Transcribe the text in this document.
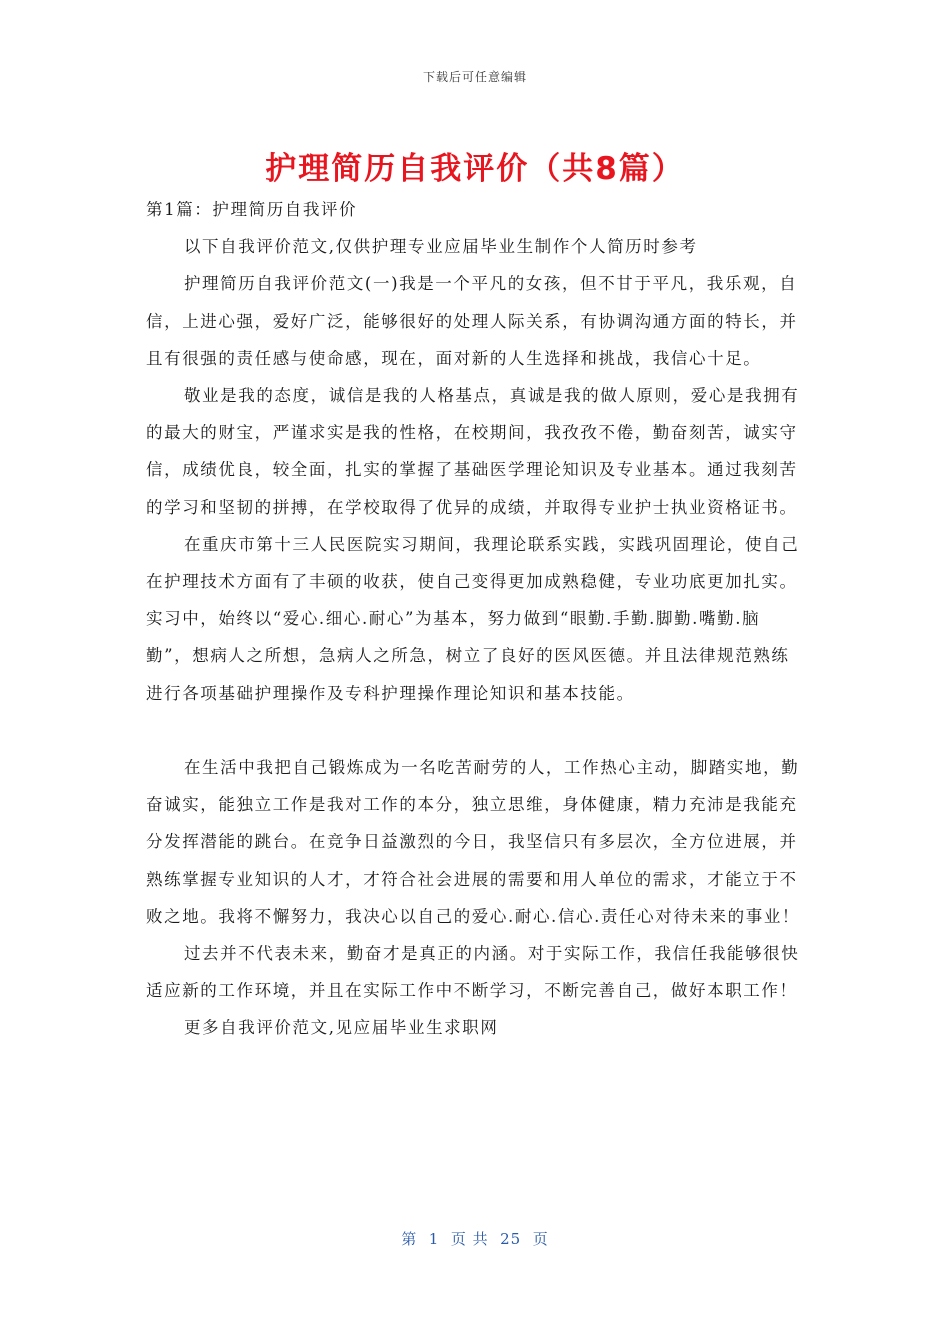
下载后可任意编辑
护理简历自我评价（共8篇）

第1篇：护理简历自我评价

以下自我评价范文,仅供护理专业应届毕业生制作个人简历时参考

护理简历自我评价范文(一)我是一个平凡的女孩，但不甘于平凡，我乐观，自信，上进心强，爱好广泛，能够很好的处理人际关系，有协调沟通方面的特长，并且有很强的责任感与使命感，现在，面对新的人生选择和挑战，我信心十足。

敬业是我的态度，诚信是我的人格基点，真诚是我的做人原则，爱心是我拥有的最大的财宝，严谨求实是我的性格，在校期间，我孜孜不倦，勤奋刻苦，诚实守信，成绩优良，较全面，扎实的掌握了基础医学理论知识及专业基本。通过我刻苦的学习和坚韧的拼搏，在学校取得了优异的成绩，并取得专业护士执业资格证书。

在重庆市第十三人民医院实习期间，我理论联系实践，实践巩固理论，使自己在护理技术方面有了丰硕的收获，使自己变得更加成熟稳健，专业功底更加扎实。实习中，始终以“爱心.细心.耐心”为基本，努力做到“眼勤.手勤.脚勤.嘴勤.脑勤”，想病人之所想，急病人之所急，树立了良好的医风医德。并且法律规范熟练进行各项基础护理操作及专科护理操作理论知识和基本技能。

在生活中我把自己锻炼成为一名吃苦耐劳的人，工作热心主动，脚踏实地，勤奋诚实，能独立工作是我对工作的本分，独立思维，身体健康，精力充沛是我能充分发挥潜能的跳台。在竞争日益激烈的今日，我坚信只有多层次，全方位进展，并熟练掌握专业知识的人才，才符合社会进展的需要和用人单位的需求，才能立于不败之地。我将不懈努力，我决心以自己的爱心.耐心.信心.责任心对待未来的事业！

过去并不代表未来，勤奋才是真正的内涵。对于实际工作，我信任我能够很快适应新的工作环境，并且在实际工作中不断学习，不断完善自己，做好本职工作！

更多自我评价范文,见应届毕业生求职网

第  1  页 共  25  页
